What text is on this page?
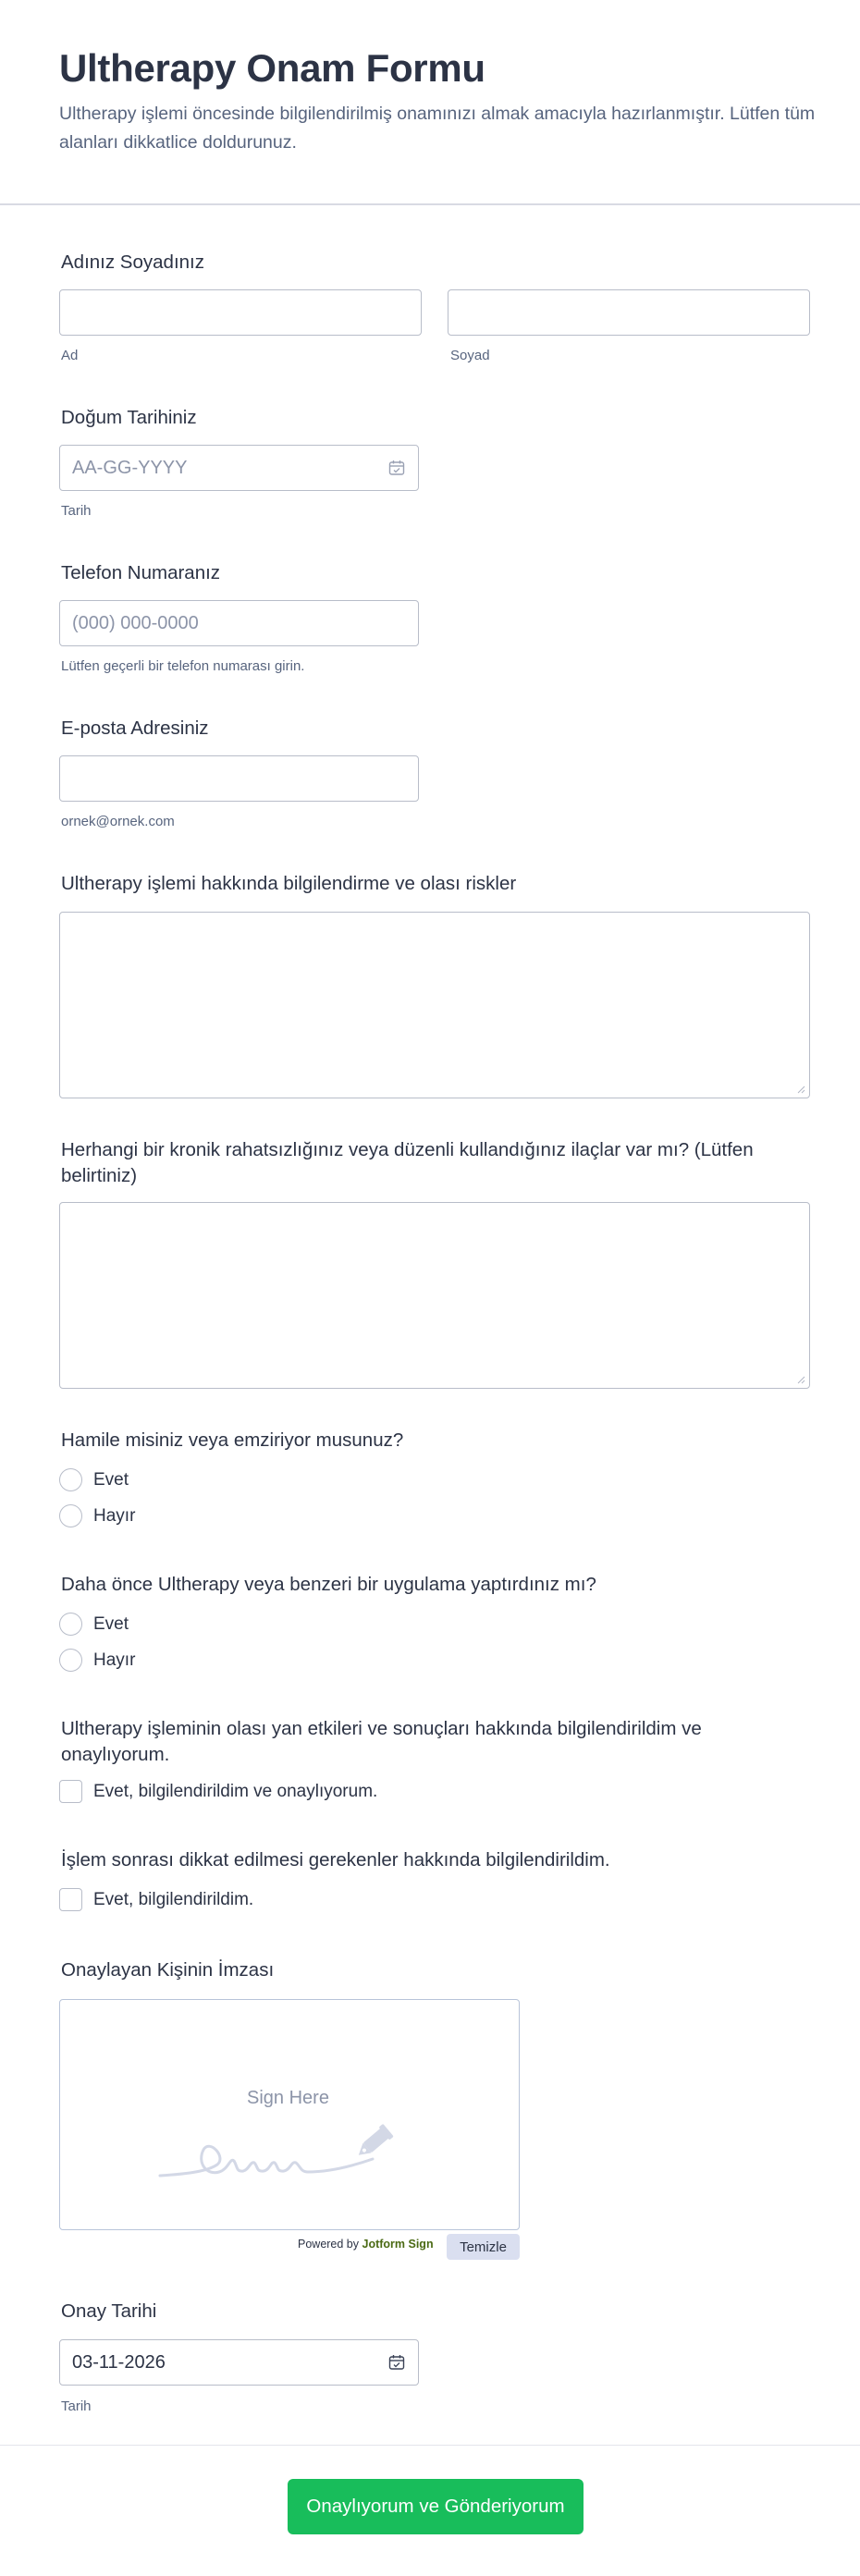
Ultherapy Onam Formu
Ultherapy işlemi öncesinde bilgilendirilmiş onamınızı almak amacıyla hazırlanmıştır. Lütfen tüm alanları dikkatlice doldurunuz.
Adınız Soyadınız
Ad	Soyad
Doğum Tarihiniz
AA-GG-YYYY
Tarih
Telefon Numaranız
(000) 000-0000
Lütfen geçerli bir telefon numarası girin.
E-posta Adresiniz
ornek@ornek.com
Ultherapy işlemi hakkında bilgilendirme ve olası riskler
Herhangi bir kronik rahatsızlığınız veya düzenli kullandığınız ilaçlar var mı? (Lütfen belirtiniz)
Hamile misiniz veya emziriyor musunuz?
Evet
Hayır
Daha önce Ultherapy veya benzeri bir uygulama yaptırdınız mı?
Evet
Hayır
Ultherapy işleminin olası yan etkileri ve sonuçları hakkında bilgilendirildim ve onaylıyorum.
Evet, bilgilendirildim ve onaylıyorum.
İşlem sonrası dikkat edilmesi gerekenler hakkında bilgilendirildim.
Evet, bilgilendirildim.
Onaylayan Kişinin İmzası
Sign Here
Powered by Jotform Sign	Temizle
Onay Tarihi
03-11-2026
Tarih
Onaylıyorum ve Gönderiyorum
